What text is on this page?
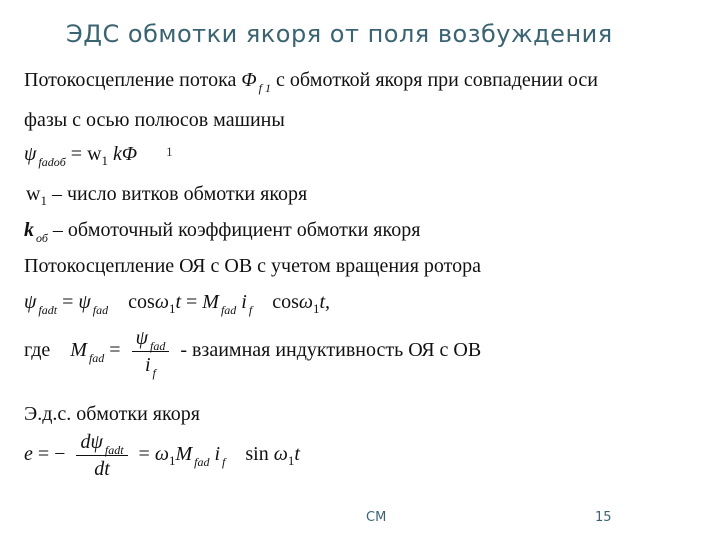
ЭДС обмотки якоря от поля возбуждения
Потокосцепление потока Φ $_{f 1}$ с обмоткой якоря при совпадении оси
фазы с осью полюсов машины
ψ $_{fadoб} = w_1$ kΦ $^1$
$w_1$ – число витков обмотки якоря
k $_{об}$ – обмоточный коэффициент обмотки якоря
Потокосцепление ОЯ с ОВ с учетом вращения ротора
ψ $_{fadt}$ = ψ $_{fad}$ cosω$_1$t = M $_{fad}$ i $_f$ cosω$_1$t,
где M $_{fad} = \frac{\psi _{fad}}{i _f}$ - взаимная индуктивность ОЯ с ОВ
Э.д.с. обмотки якоря
e = − $\frac{d\psi _{fadt}}{dt} = \omega_1M$ $_{fad}$ i $_f$ $\sin \omega_1t$
СМ	15
